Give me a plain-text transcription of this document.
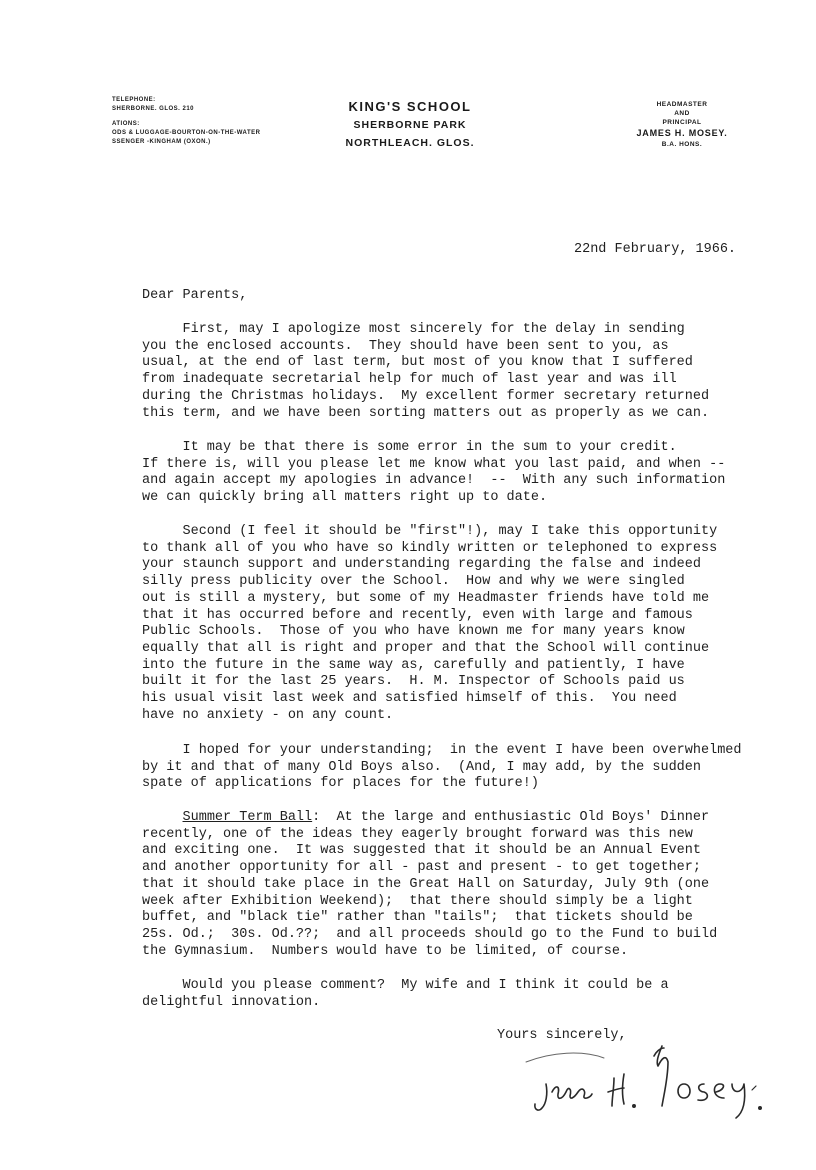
TELEPHONE:
SHERBORNE. GLOS. 210
ATIONS:
ODS & LUGGAGE-BOURTON-ON-THE-WATER
SSENGER -KINGHAM (OXON.)
KING'S SCHOOL
SHERBORNE PARK
NORTHLEACH. GLOS.
HEADMASTER
AND
PRINCIPAL
JAMES H. MOSEY.
B.A. HONS.
22nd February, 1966.
Dear Parents,
First, may I apologize most sincerely for the delay in sending
you the enclosed accounts.  They should have been sent to you, as
usual, at the end of last term, but most of you know that I suffered
from inadequate secretarial help for much of last year and was ill
during the Christmas holidays.  My excellent former secretary returned
this term, and we have been sorting matters out as properly as we can.
It may be that there is some error in the sum to your credit.
If there is, will you please let me know what you last paid, and when --
and again accept my apologies in advance!  --  With any such information
we can quickly bring all matters right up to date.
Second (I feel it should be "first"!), may I take this opportunity
to thank all of you who have so kindly written or telephoned to express
your staunch support and understanding regarding the false and indeed
silly press publicity over the School.  How and why we were singled
out is still a mystery, but some of my Headmaster friends have told me
that it has occurred before and recently, even with large and famous
Public Schools.  Those of you who have known me for many years know
equally that all is right and proper and that the School will continue
into the future in the same way as, carefully and patiently, I have
built it for the last 25 years.  H. M. Inspector of Schools paid us
his usual visit last week and satisfied himself of this.  You need
have no anxiety - on any count.
I hoped for your understanding;  in the event I have been overwhelmed
by it and that of many Old Boys also.  (And, I may add, by the sudden
spate of applications for places for the future!)
Summer Term Ball:  At the large and enthusiastic Old Boys' Dinner
recently, one of the ideas they eagerly brought forward was this new
and exciting one.  It was suggested that it should be an Annual Event
and another opportunity for all - past and present - to get together;
that it should take place in the Great Hall on Saturday, July 9th (one
week after Exhibition Weekend);  that there should simply be a light
buffet, and "black tie" rather than "tails";  that tickets should be
25s. Od.;  30s. Od.??;  and all proceeds should go to the Fund to build
the Gymnasium.  Numbers would have to be limited, of course.
Would you please comment?  My wife and I think it could be a
delightful innovation.
Yours sincerely,
